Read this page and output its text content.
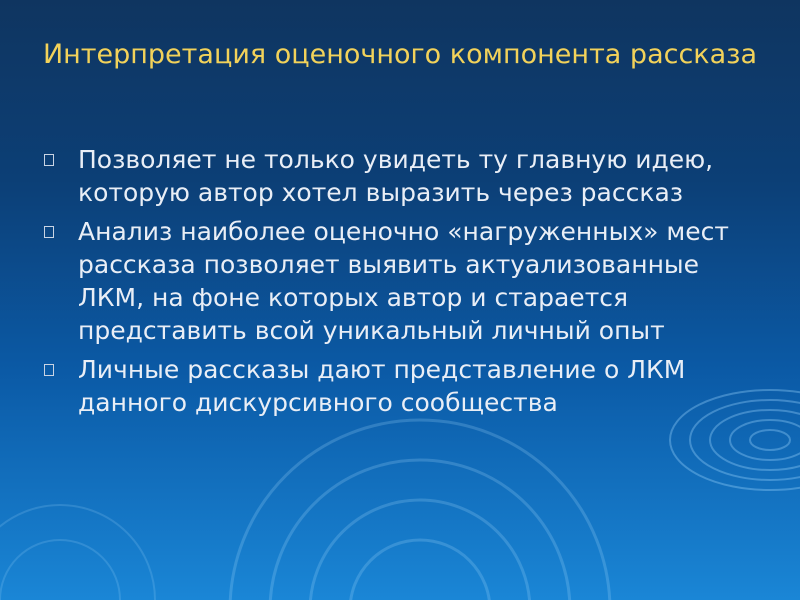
Интерпретация оценочного компонента рассказа
Позволяет не только увидеть ту главную идею, которую автор хотел выразить через рассказ
Анализ наиболее оценочно «нагруженных» мест рассказа позволяет выявить актуализованные ЛКМ, на фоне которых автор и старается представить всой уникальный личный опыт
Личные рассказы дают представление о ЛКМ данного дискурсивного сообщества
